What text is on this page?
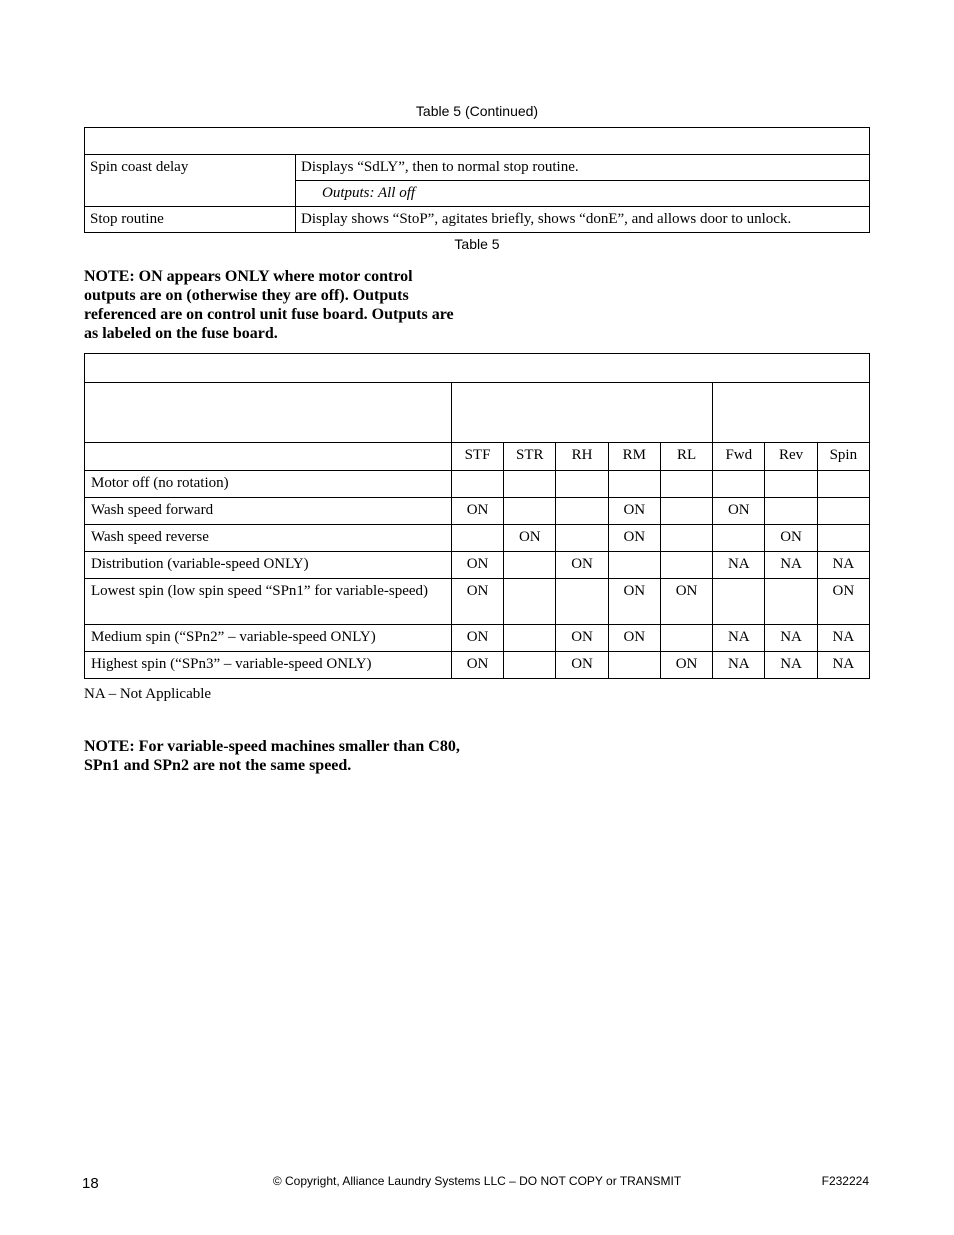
Table 5 (Continued)

Spin coast delay	Displays “SdLY”, then to normal stop routine.
	Outputs: All off
Stop routine	Display shows “StoP”, agitates briefly, shows “donE”, and allows door to unlock.
Table 5
NOTE: ON appears ONLY where motor control outputs are on (otherwise they are off). Outputs referenced are on control unit fuse board. Outputs are as labeled on the fuse board.

	STF	STR	RH	RM	RL	Fwd	Rev	Spin
Motor off (no rotation)								
Wash speed forward	ON			ON		ON		
Wash speed reverse		ON		ON			ON	
Distribution (variable-speed ONLY)	ON		ON			NA	NA	NA
Lowest spin (low spin speed “SPn1” for variable-speed)	ON			ON	ON			ON
Medium spin (“SPn2” – variable-speed ONLY)	ON		ON	ON		NA	NA	NA
Highest spin (“SPn3” – variable-speed ONLY)	ON		ON		ON	NA	NA	NA
NA – Not Applicable
NOTE: For variable-speed machines smaller than C80, SPn1 and SPn2 are not the same speed.
18	© Copyright, Alliance Laundry Systems LLC – DO NOT COPY or TRANSMIT	F232224
